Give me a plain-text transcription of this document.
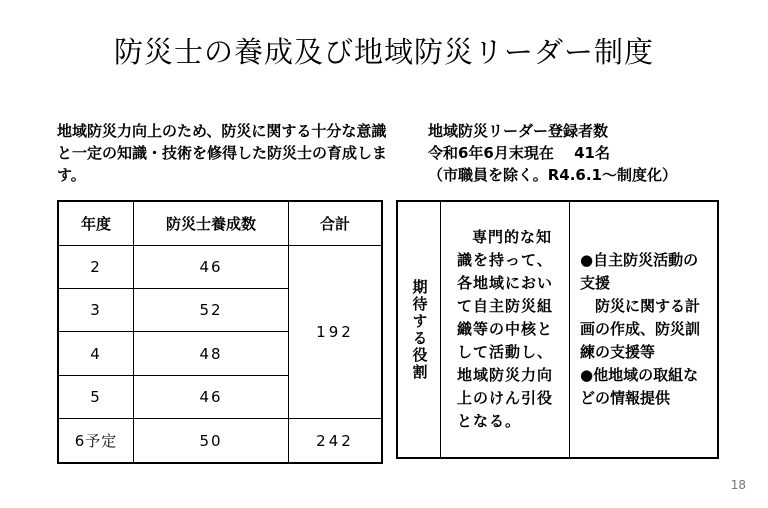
防災士の養成及び地域防災リーダー制度
地域防災力向上のため、防災に関する十分な意識と一定の知識・技術を修得した防災士の育成します。
地域防災リーダー登録者数
令和6年6月末現在　 41名
（市職員を除く。R4.6.1～制度化）
年度	防災士養成数	合計
2	46	192
3	52	
4	48	
5	46	
6予定	50	242
期待する役割
専門的な知識を持って、各地域において自主防災組織等の中核として活動し、地域防災力向上のけん引役となる。
●自主防災活動の支援
防災に関する計画の作成、防災訓練の支援等
●他地域の取組などの情報提供
18
